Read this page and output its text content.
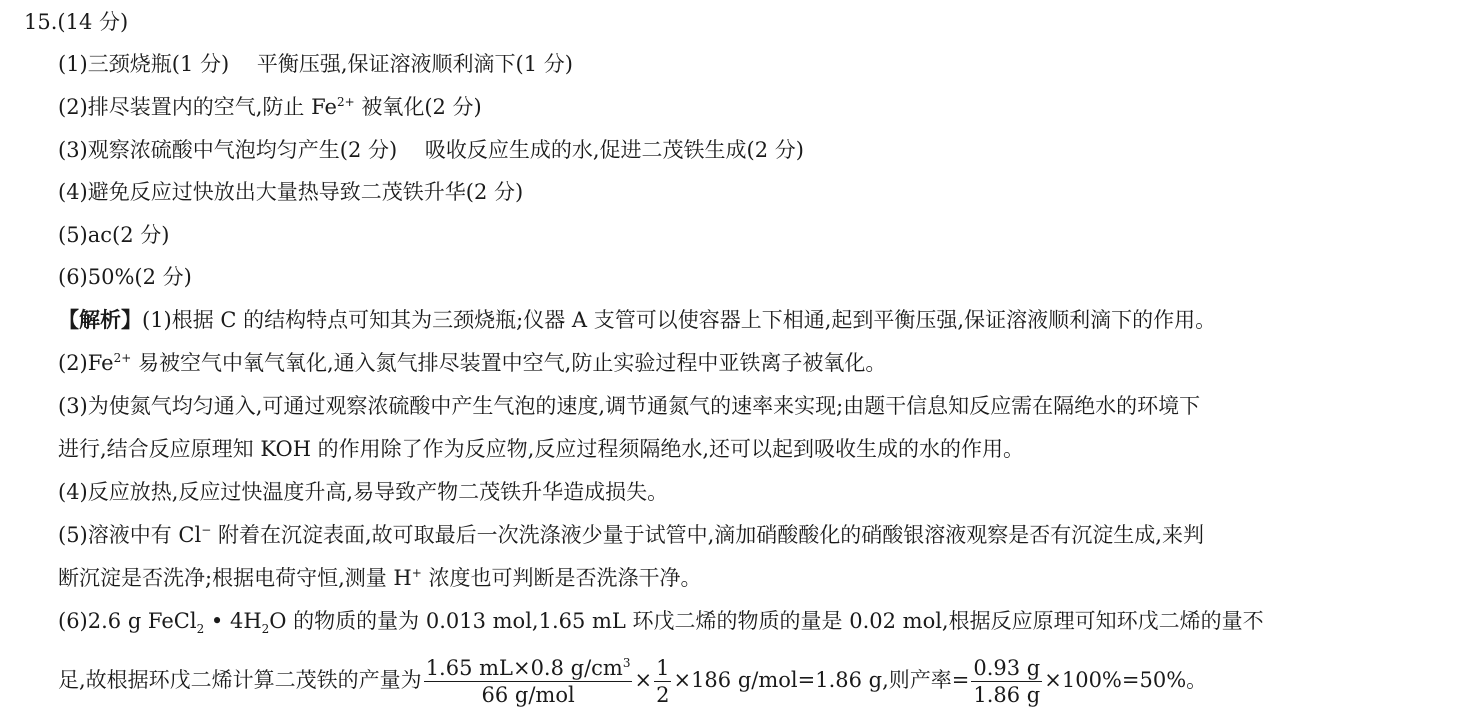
15.(14 分)
(1)三颈烧瓶(1 分)　 平衡压强,保证溶液顺利滴下(1 分)
(2)排尽装置内的空气,防止 $Fe^{2+}$ 被氧化(2 分)
(3)观察浓硫酸中气泡均匀产生(2 分)　 吸收反应生成的水,促进二茂铁生成(2 分)
(4)避免反应过快放出大量热导致二茂铁升华(2 分)
(5)ac(2 分)
(6)50%(2 分)
【解析】(1)根据 C 的结构特点可知其为三颈烧瓶;仪器 A 支管可以使容器上下相通,起到平衡压强,保证溶液顺利滴下的作用。
$(2)Fe^{2+}$ 易被空气中氧气氧化,通入氮气排尽装置中空气,防止实验过程中亚铁离子被氧化。
(3)为使氮气均匀通入,可通过观察浓硫酸中产生气泡的速度,调节通氮气的速率来实现;由题干信息知反应需在隔绝水的环境下
进行,结合反应原理知 KOH 的作用除了作为反应物,反应过程须隔绝水,还可以起到吸收生成的水的作用。
(4)反应放热,反应过快温度升高,易导致产物二茂铁升华造成损失。
(5)溶液中有 Cl− 附着在沉淀表面,故可取最后一次洗涤液少量于试管中,滴加硝酸酸化的硝酸银溶液观察是否有沉淀生成,来判
断沉淀是否洗净;根据电荷守恒,测量 H+ 浓度也可判断是否洗涤干净。
(6)2.6 g FeCl$_2$ • $4H_2O$ 的物质的量为 0.013 mol,1.65 mL 环戊二烯的物质的量是 0.02 mol,根据反应原理可知环戊二烯的量不
足,故根据环戊二烯计算二茂铁的产量为 $\frac{1.65 mL\times 0.8 g/cm^3}{\text{66 g/mol}} \times \frac{1}{2} \times 186$ g/mol=1.86 g,则产率= $\frac{0.93 g}{1.86 g} \times 100\%=50\%$。
